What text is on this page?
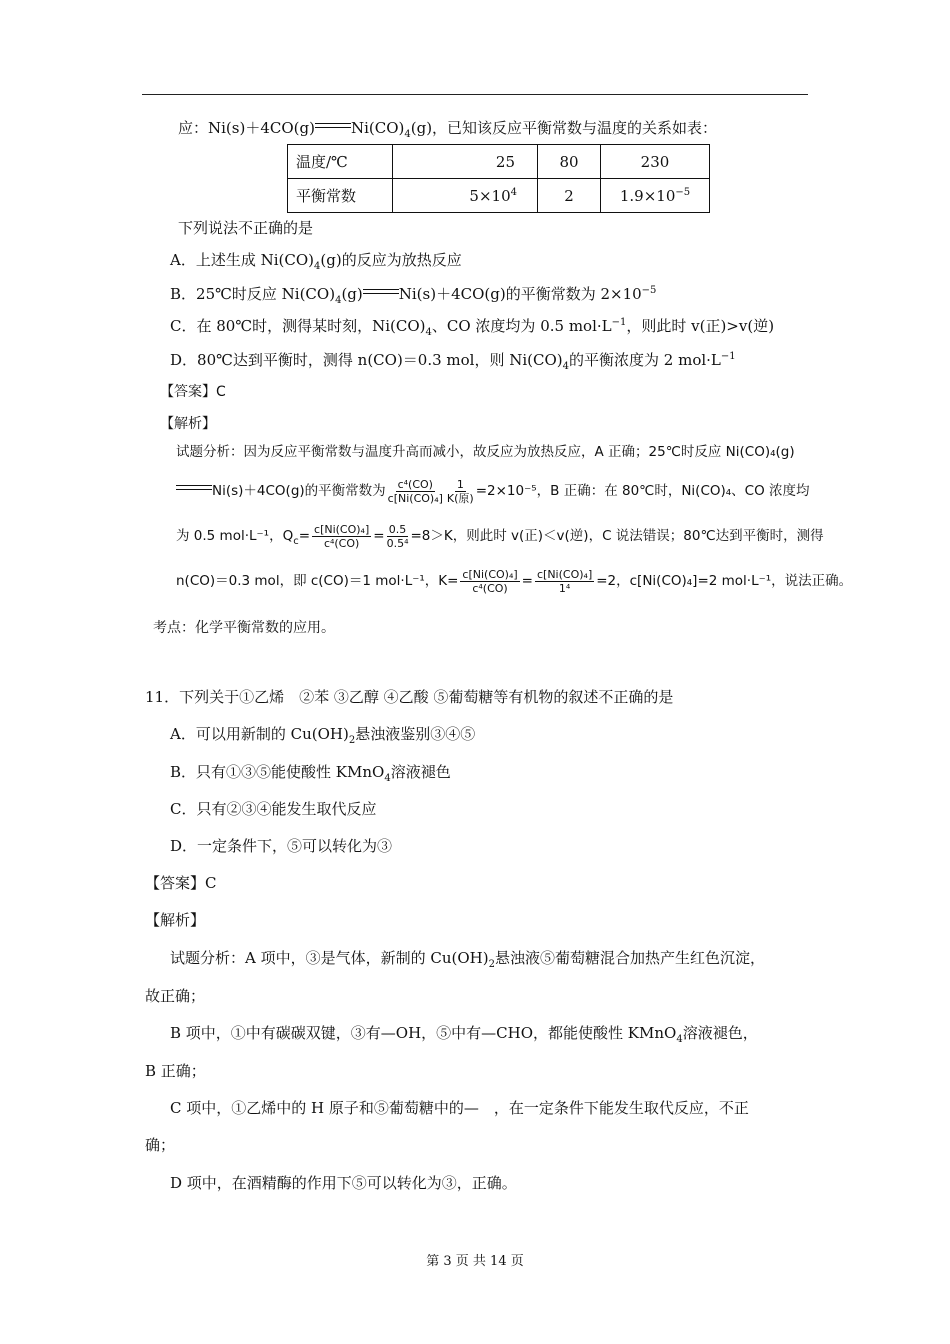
应：Ni(s)＋4CO(g) $Ni(CO)_4(g)$，已知该反应平衡常数与温度的关系如表：
温度/℃	25	80	230
平衡常数	$5\times 10^4$	2	$1.9\times 10^{-5}$
下列说法不正确的是
A．上述生成 $Ni(CO)_4(g)$的反应为放热反应
B．25℃时反应 $Ni(CO)_4(g)$ Ni(s)＋4CO(g)的平衡常数为 $2\times 10^{-5}$
C．在 80℃时，测得某时刻，$Ni(CO)_4$、CO 浓度均为 0.5 $mol\cdot L^{-1}$，则此时 v(正)>v(逆)
D．80℃达到平衡时，测得 n(CO)＝0.3 mol，则 $Ni(CO)_4$的平衡浓度为 2 $mol\cdot L^{-1}$
【答案】C
【解析】
试题分析：因为反应平衡常数与温度升高而减小，故反应为放热反应，A 正确；25℃时反应 Ni(CO)₄(g)
Ni(s)＋4CO(g)的平衡常数为 $\frac{\text{c⁴(CO)}}{\text{c[Ni(CO)₄]}} \frac{1}{\text{K(原)}} =2\times 10^{-5}$，B 正确：在 80℃时，Ni(CO)₄、CO 浓度均
为 0.5 mol·L⁻¹，$Q_c= \frac{\text{c[Ni(CO)₄]}}{\text{c⁴(CO)}} = \frac{0.5}{\text{0.5⁴}} =8>K$，则此时 v(正)＜v(逆)，C 说法错误；80℃达到平衡时，测得
n(CO)＝0.3 mol，即 c(CO)＝1 mol·L⁻¹，$K= \frac{\text{c[Ni(CO)₄]}}{\text{c⁴(CO)}} = \frac{\text{c[Ni(CO)₄]}}{\text{1⁴}} =2$，c[Ni(CO)₄]=2 mol·L⁻¹，说法正确。
考点：化学平衡常数的应用。
11．下列关于①乙烯　②苯 ③乙醇 ④乙酸 ⑤葡萄糖等有机物的叙述不正确的是
A．可以用新制的 $Cu(OH)_2$悬浊液鉴别③④⑤
B．只有①③⑤能使酸性 KMnO$_4$溶液褪色
C．只有②③④能发生取代反应
D．一定条件下，⑤可以转化为③
【答案】C
【解析】
试题分析：A 项中，③是气体，新制的 $Cu(OH)_2$悬浊液⑤葡萄糖混合加热产生红色沉淀，
故正确；
B 项中，①中有碳碳双键，③有—OH，⑤中有—CHO，都能使酸性 KMnO$_4$溶液褪色，
B 正确；
C 项中，①乙烯中的 H 原子和⑤葡萄糖中的—　，在一定条件下能发生取代反应，不正
确；
D 项中，在酒精酶的作用下⑤可以转化为③，正确。
第 3 页 共 14 页
